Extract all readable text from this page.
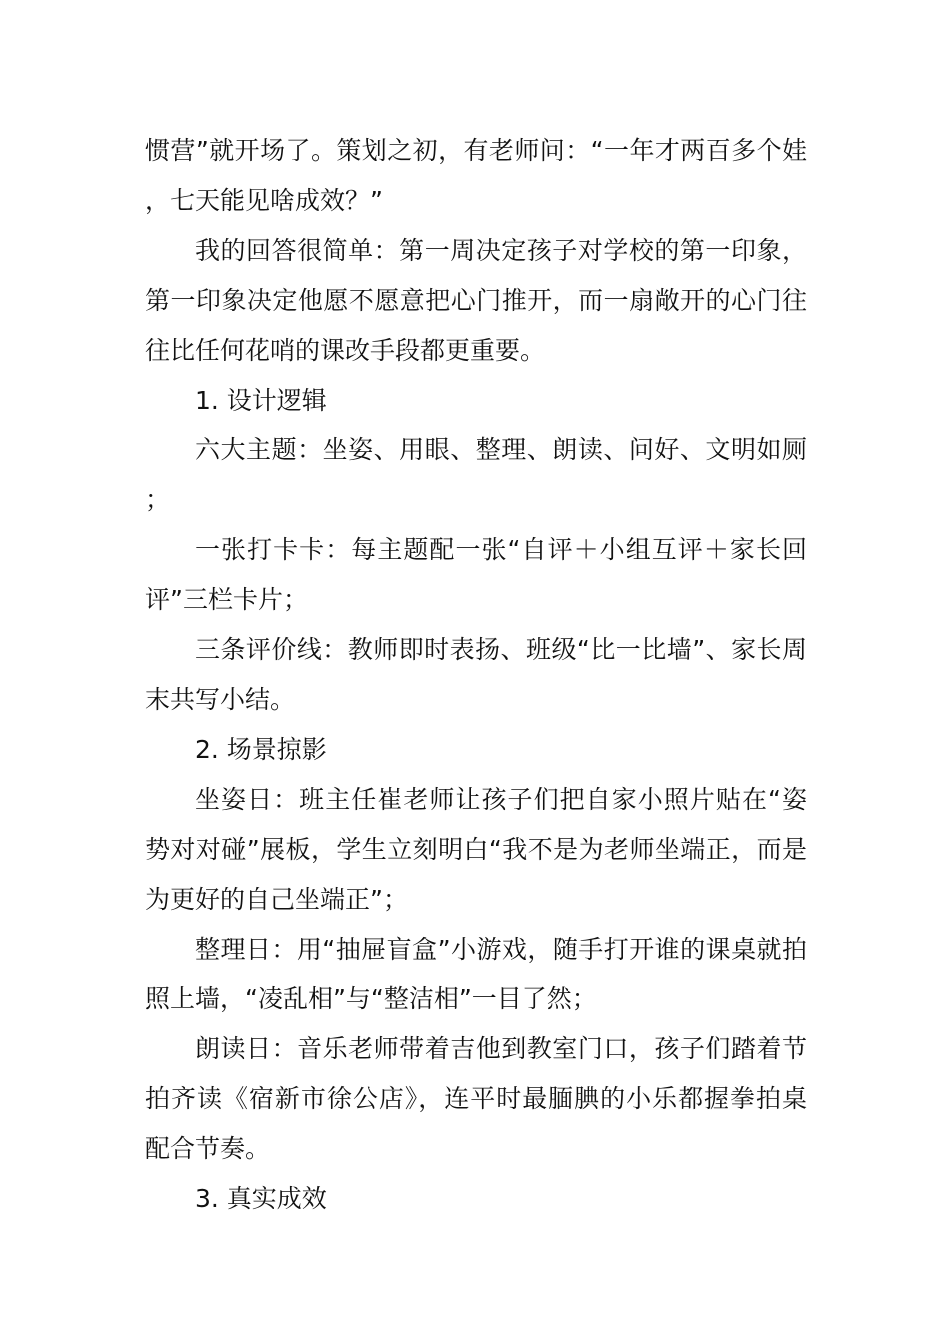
惯营”就开场了。策划之初，有老师问：“一年才两百多个娃，七天能见啥成效？”

我的回答很简单：第一周决定孩子对学校的第一印象，第一印象决定他愿不愿意把心门推开，而一扇敞开的心门往往比任何花哨的课改手段都更重要。

1. 设计逻辑

六大主题：坐姿、用眼、整理、朗读、问好、文明如厕；

一张打卡卡：每主题配一张“自评＋小组互评＋家长回评”三栏卡片；

三条评价线：教师即时表扬、班级“比一比墙”、家长周末共写小结。

2. 场景掠影

坐姿日：班主任崔老师让孩子们把自家小照片贴在“姿势对对碰”展板，学生立刻明白“我不是为老师坐端正，而是为更好的自己坐端正”；

整理日：用“抽屉盲盒”小游戏，随手打开谁的课桌就拍照上墙，“凌乱相”与“整洁相”一目了然；

朗读日：音乐老师带着吉他到教室门口，孩子们踏着节拍齐读《宿新市徐公店》，连平时最腼腆的小乐都握拳拍桌配合节奏。

3. 真实成效
